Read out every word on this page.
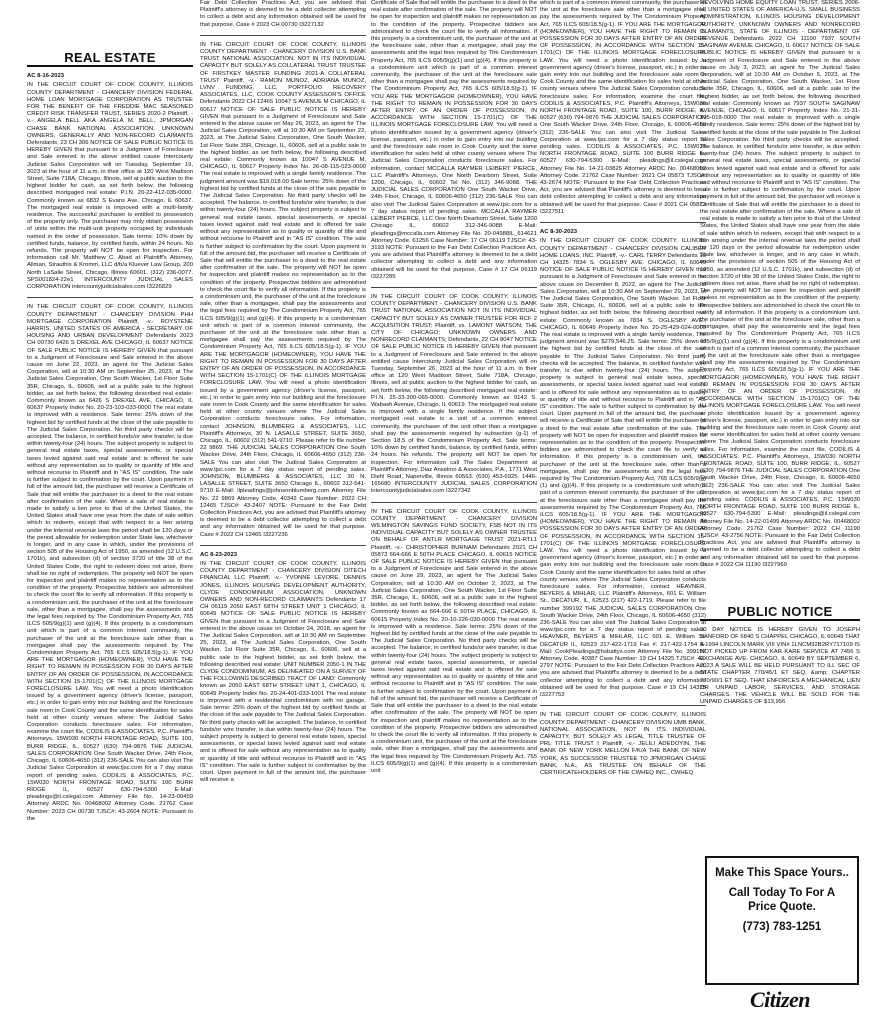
REAL ESTATE
AC 8-16-2023
IN THE CIRCUIT COURT OF COOK COUNTY, ILLINOIS COUNTY DEPARTMENT - CHANCERY DIVISION FEDERAL HOME LOAN MORTGAGE CORPORATION AS TRUSTEE FOR THE BENEFIT OF THE FREDDIE MAC SEASONED CREDIT RISK TRANSFER TRUST, SERIES 2020-2 Plaintiff, -v.- ANGELA BELL AKA ANGELA M. BELL, JPMORGAN CHASE BANK NATIONAL ASSOCIATION, UNKNOWN OWNERS, GENERALLY AND NON-RECORD CLAIMANTS Defendants, 23 CH 306 NOTICE OF SALE PUBLIC NOTICE IS HEREBY GIVEN that pursuant to a Judgment of Foreclosure and Sale entered in the above entitled cause Intercounty Judicial Sales Corporation will on Tuesday, September 19, 2023 at the hour of 11 a.m. in their office at 120 West Madison Street, Suite 718A, Chicago, Illinois, sell at public auction to the highest bidder for cash, as set forth below, the following described mortgaged real estate: P.I.N. 20-22-412-035-0000. Commonly known as 6832 S Evans Ave, Chicago, IL 60637. The mortgaged real estate is improved with a multi-family residence. The successful purchaser is entitled to possession of the property only. The purchaser may only obtain possession of units within the multi-unit property occupied by individuals named in the order of possession. Sale terms: 10% down by certified funds, balance, by certified funds, within 24 hours. No refunds. The property will NOT be open for inspection. For information call Mr. Matthew C. Abad at Plaintiff's Attorney, Allman, Strauthis & Kromm, LLC d/b/a Kluever Law Group, 200 North LaSalle Street, Chicago, Illinois 60601. (312) 236-0077. SPS001824-22e1 INTERCOUNTY JUDICIAL SALES CORPORATION intercountyjudicialsales.com I3226829
IN THE CIRCUIT COURT OF COOK COUNTY, ILLINOIS COUNTY DEPARTMENT - CHANCERY DIVISION PHH MORTGAGE CORPORATION Plaintiff, -v.- ROYSTENE HARRIS, UNITED STATES OF AMERICA - SECRETARY OF HOUSING AND URBAN DEVELOPMENT Defendants 2023 CH 00730 6426 S DREXEL AVE CHICAGO, IL 60637 NOTICE OF SALE PUBLIC NOTICE IS HEREBY GIVEN that pursuant to a Judgment of Foreclosure and Sale entered in the above cause on June 22, 2023, an agent for The Judicial Sales Corporation, will at 10:30 AM on September 25, 2023, at The Judicial Sales Corporation, One South Wacker, 1st Floor Suite 35R, Chicago, IL, 60606, sell at a public sale to the highest bidder, as set forth below, the following described real estate: Commonly known as 6426 S DREXEL AVE, CHICAGO, IL 60637 Property Index No. 20-23-103-033-0000 The real estate is improved with a residence. Sale terms: 25% down of the highest bid by certified funds at the close of the sale payable to The Judicial Sales Corporation. No third party checks will be accepted. The balance, in certified funds/or wire transfer, is due within twenty-four (24) hours. The subject property is subject to general real estate taxes, special assessments, or special taxes levied against said real estate and is offered for sale without any representation as to quality or quantity of title and without recourse to Plaintiff and in "AS IS" condition. The sale is further subject to confirmation by the court. Upon payment in full of the amount bid, the purchaser will receive a Certificate of Sale that will entitle the purchaser to a deed to the real estate after confirmation of the sale. Where a sale of real estate is made to satisfy a lien prior to that of the United States, the United States shall have one year from the date of sale within which to redeem, except that with respect to a lien arising under the internal revenue laws the period shall be 120 days or the period allowable for redemption under State law, whichever is longer, and in any case in which, under the provisions of section 505 of the Housing Act of 1950, as amended (12 U.S.C. 1701k), and subsection (d) of section 3720 of title 38 of the United States Code, the right to redeem does not arise, there shall be no right of redemption. The property will NOT be open for inspection and plaintiff makes no representation as to the condition of the property. Prospective bidders are admonished to check the court file to verify all information. If this property is a condominium unit, the purchaser of the unit at the foreclosure sale, other than a mortgagee, shall pay the assessments and the legal fees required by The Condominium Property Act, 765 ILCS 605/9(g)(1) and (g)(4). If this property is a condominium unit which is part of a common interest community, the purchaser of the unit at the foreclosure sale other than a mortgagee shall pay the assessments required by The Condominium Property Act, 765 ILCS 605/18.5(g-1). IF YOU ARE THE MORTGAGOR (HOMEOWNER), YOU HAVE THE RIGHT TO REMAIN IN POSSESSION FOR 30 DAYS AFTER ENTRY OF AN ORDER OF POSSESSION, IN ACCORDANCE WITH SECTION 15-1701(C) OF THE ILLINOIS MORTGAGE FORECLOSURE LAW. You will need a photo identification issued by a government agency (driver's license, passport, etc.) in order to gain entry into our building and the foreclosure sale room in Cook County and the same identification for sales held at other county venues where The Judicial Sales Corporation conducts foreclosure sales. For information, examine the court file, CODILIS & ASSOCIATES, P.C. Plaintiff's Attorneys, 15W030 NORTH FRONTAGE ROAD, SUITE 100, BURR RIDGE, IL, 60527 (630) 794-9876 THE JUDICIAL SALES CORPORATION One South Wacker Drive, 24th Floor, Chicago, IL 60606-4650 (312) 236-SALE You can also visit The Judicial Sales Corporation at www.tjsc.com for a 7 day status report of pending sales. CODILIS & ASSOCIATES, P.C. 15W030 NORTH FRONTAGE ROAD, SUITE 100 BURR RIDGE IL, 60527 630-794-5300 E-Mail: pleadings@il.cslegal.com Attorney File No. 14-23-00459 Attorney ARDC No. 00468002 Attorney Code. 21762 Case Number: 2023 CH 00730 TJSC#: 43-2604 NOTE: Pursuant to the
Fair Debt Collection Practices Act, you are advised that Plaintiff's attorney is deemed to be a debt collector attempting to collect a debt and any information obtained will be used for that purpose. Case # 2023 CH 00730 I3227132
IN THE CIRCUIT COURT OF COOK COUNTY, ILLINOIS COUNTY DEPARTMENT - CHANCERY DIVISION U.S. BANK TRUST NATIONAL ASSOCIATION, NOT IN ITS INDIVIDUAL CAPACITY BUT SOLELY AS COLLATERAL TRUST TRUSTEE OF FIRSTKEY MASTER FUNDING 2021-A COLLATERAL TRUST Plaintiff, -v.- RAMON MUNOZ, ADRIANA MUNOZ, LVNV FUNDING, LLC, PORTFOLIO RECOVERY ASSOCIATES, LLC, COOK COUNTY ASSESSOR'S OFFICE Defendants 2022 CH 12465 10047 S AVENUE M CHICAGO, IL 60617 NOTICE OF SALE PUBLIC NOTICE IS HEREBY GIVEN that pursuant to a Judgment of Foreclosure and Sale entered in the above cause on May 26, 2023, an agent for The Judicial Sales Corporation, will at 10:30 AM on September 22, 2023, at The Judicial Sales Corporation, One South Wacker, 1st Floor Suite 35R, Chicago, IL, 60606, sell at a public sale to the highest bidder, as set forth below, the following described real estate: Commonly known as 10047 S AVENUE M, CHICAGO, IL 60617 Property Index No. 26-08-115-023-0000 The real estate is improved with a single family residence. The judgment amount was $19,018.00 Sale terms: 25% down of the highest bid by certified funds at the close of the sale payable to The Judicial Sales Corporation. No third party checks will be accepted. The balance, in certified funds/or wire transfer, is due within twenty-four (24) hours. The subject property is subject to general real estate taxes, special assessments, or special taxes levied against said real estate and is offered for sale without any representation as to quality or quantity of title and without recourse to Plaintiff and in "AS IS" condition. The sale is further subject to confirmation by the court. Upon payment in full of the amount bid, the purchaser will receive a Certificate of Sale that will entitle the purchaser to a deed to the real estate after confirmation of the sale. The property will NOT be open for inspection and plaintiff makes no representation as to the condition of the property. Prospective bidders are admonished to check the court file to verify all information. If this property is a condominium unit, the purchaser of the unit at the foreclosure sale, other than a mortgagee, shall pay the assessments and the legal fees required by The Condominium Property Act, 765 ILCS 605/9(g)(1) and (g)(4). If this property is a condominium unit which is part of a common interest community, the purchaser of the unit at the foreclosure sale other than a mortgagee shall pay the assessments required by The Condominium Property Act, 765 ILCS 605/18.5(g-1). IF YOU ARE THE MORTGAGOR (HOMEOWNER), YOU HAVE THE RIGHT TO REMAIN IN POSSESSION FOR 30 DAYS AFTER ENTRY OF AN ORDER OF POSSESSION, IN ACCORDANCE WITH SECTION 15-1701(C) OF THE ILLINOIS MORTGAGE FORECLOSURE LAW. You will need a photo identification issued by a government agency (driver's license, passport, etc.) in order to gain entry into our building and the foreclosure sale room in Cook County and the same identification for sales held at other county venues where The Judicial Sales Corporation conducts foreclosure sales. For information, contact JOHNSON, BLUMBERG & ASSOCIATES, LLC Plaintiff's Attorneys, 30 N. LASALLE STREET, SUITE 3650, Chicago, IL, 60602 (312) 541-9710. Please refer to file number 22 9869. THE JUDICIAL SALES CORPORATION One South Wacker Drive, 24th Floor, Chicago, IL 60606-4650 (312) 236-SALE You can also visit The Judicial Sales Corporation at www.tjsc.com for a 7 day status report of pending sales. JOHNSON, BLUMBERG & ASSOCIATES, LLC 30 N. LASALLE STREET, SUITE 3650 Chicago IL, 60602 312-541-9710 E-Mail: ilpleadings@johnsonblumberg.com Attorney File No. 22 9869 Attorney Code. 40342 Case Number: 2022 CH 12465 TJSC#: 43-2407 NOTE: Pursuant to the Fair Debt Collection Practices Act, you are advised that Plaintiff's attorney is deemed to be a debt collector attempting to collect a debt and any information obtained will be used for that purpose. Case # 2022 CH 12465 I3227236
AC 8-23-2023
IN THE CIRCUIT COURT OF COOK COUNTY, ILLINOIS COUNTY DEPARTMENT - CHANCERY DIVISION DITECH FINANCIAL LLC Plaintiff, -v.- YVONNE LEVORE, DENNIS JONES, ILLINOIS HOUSING DEVELOPMENT AUTHORITY, CLYDE CONDOMINIUM ASSOCIATION, UNKNOWN OWNERS AND NON-RECORD CLAIMANTS Defendants 17 CH 06119 2050 EAST 68TH STREET UNIT 1 CHICAGO, IL 60649 NOTICE OF SALE PUBLIC NOTICE IS HEREBY GIVEN that pursuant to a Judgment of Foreclosure and Sale entered in the above cause on October 24, 2018, an agent for The Judicial Sales Corporation, will at 10:30 AM on September 25, 2023, at The Judicial Sales Corporation, One South Wacker, 1st Floor Suite 35R, Chicago, IL, 60606, sell at a public sale to the highest bidder, as set forth below, the following described real estate: UNIT NUMBER 2050-1 IN THE CLYDE CONDOMINIUM, AS DELINEATED ON A SURVEY OF THE FOLLOWING DESCRIBED TRACT OF LAND: Commonly known as 2050 EAST 68TH STREET UNIT 1, CHICAGO, IL 60649 Property Index No. 20-24-401-033-1001 The real estate is improved with a residential condominium with no garage. Sale terms: 25% down of the highest bid by certified funds at the close of the sale payable to The Judicial Sales Corporation. No third party checks will be accepted. The balance, in certified funds/or wire transfer, is due within twenty-four (24) hours. The subject property is subject to general real estate taxes, special assessments, or special taxes levied against said real estate and is offered for sale without any representation as to quality or quantity of title and without recourse to Plaintiff and in "AS IS" condition. The sale is further subject to confirmation by the court. Upon payment in full of the amount bid, the purchaser will receive a
Certificate of Sale that will entitle the purchaser to a deed to the real estate after confirmation of the sale. The property will NOT be open for inspection and plaintiff makes no representation as to the condition of the property. Prospective bidders are admonished to check the court file to verify all information. If this property is a condominium unit, the purchaser of the unit at the foreclosure sale, other than a mortgagee, shall pay the assessments and the legal fees required by The Condominium Property Act, 765 ILCS 605/9(g)(1) and (g)(4). If this property is a condominium unit which is part of a common interest community, the purchaser of the unit at the foreclosure sale other than a mortgagee shall pay the assessments required by The Condominium Property Act, 765 ILCS 605/18.5(g-1). IF YOU ARE THE MORTGAGOR (HOMEOWNER), YOU HAVE THE RIGHT TO REMAIN IN POSSESSION FOR 30 DAYS AFTER ENTRY OF AN ORDER OF POSSESSION, IN ACCORDANCE WITH SECTION 15-1701(C) OF THE ILLINOIS MORTGAGE FORECLOSURE LAW. You will need a photo identification issued by a government agency (driver's license, passport, etc.) in order to gain entry into our building and the foreclosure sale room in Cook County and the same identification for sales held at other county venues where The Judicial Sales Corporation conducts foreclosure sales. For information, contact MCCALLA RAYMER LEIBERT PIERCE, LLC Plaintiff's Attorneys, One North Dearborn Street, Suite 1200, Chicago, IL, 60602 Tel No. (312) 346-9088. THE JUDICIAL SALES CORPORATION One South Wacker Drive, 24th Floor, Chicago, IL 60606-4650 (312) 236-SALE You can also visit The Judicial Sales Corporation at www.tjsc.com for a 7 day status report of pending sales. MCCALLA RAYMER LEIBERT PIERCE, LLC One North Dearborn Street, Suite 1200 Chicago IL, 60602 312-346-9088 E-Mail: pleadings@mccalla.com Attorney File No. 20-04988IL_614621 Attorney Code. 61256 Case Number: 17 CH 06119 TJSC#: 43-3193 NOTE: Pursuant to the Fair Debt Collection Practices Act, you are advised that Plaintiff's attorney is deemed to be a debt collector attempting to collect a debt and any information obtained will be used for that purpose. Case # 17 CH 06119 I3227285
IN THE CIRCUIT COURT OF COOK COUNTY, ILLINOIS COUNTY DEPARTMENT - CHANCERY DIVISION U.S. BANK TRUST NATIONAL ASSOCIATION NOT IN ITS INDIVIDUAL CAPACITY BUT SOLELY AS OWNER TRUSTEE FOR RCF 2 ACQUISITION TRUST; Plaintiff, vs. LAMONT WATSON; THE CITY OF CHICAGO; UNKNOWN OWNERS AND NONRECORD CLAIMANTS; Defendants, 22 CH 8047 NOTICE OF SALE PUBLIC NOTICE IS HEREBY GIVEN that pursuant to a Judgment of Foreclosure and Sale entered in the above entitled cause Intercounty Judicial Sales Corporation will on Tuesday, September 26, 2023 at the hour of 11 a.m. in their office at 120 West Madison Street, Suite 718A, Chicago, Illinois, sell at public auction to the highest bidder for cash, as set forth below, the following described mortgaged real estate: P.I.N. 25-33-300-065-0000. Commonly known as 9142 S. Wabash Avenue, Chicago, IL 60619. The mortgaged real estate is improved with a single family residence. If the subject mortgaged real estate is a unit of a common interest community, the purchaser of the unit other than a mortgagee shall pay the assessments required by subsection (g-1) of Section 18.5 of the Condominium Property Act. Sale terms: 10% down by certified funds, balance, by certified funds, within 24 hours. No refunds. The property will NOT be open for inspection. For information call The Sales Department at Plaintiff's Attorney, Diaz Anselmo & Associates, P.A., 1771 West Diehl Road, Naperville, Illinois 60563. (630) 453-6925. 1446-165680 INTERCOUNTY JUDICIAL SALES CORPORATION intercountyjudicialsales.com I3227342
IN THE CIRCUIT COURT OF COOK COUNTY, ILLINOIS COUNTY DEPARTMENT - CHANCERY DIVISION WILMINGTON SAVINGS FUND SOCIETY, FSB NOT IN ITS INDIVIDUAL CAPACITY BUT SOLELY AS OWNER TRUSTEE ON BEHALF OF ANTLR MORTGAGE TRUST 2021-RTL1 Plaintiff, -v.- CHRISTOPHER BURNAM Defendants 2021 CH 05873 664-666 E 50TH PLACE CHICAGO, IL 60615 NOTICE OF SALE PUBLIC NOTICE IS HEREBY GIVEN that pursuant to a Judgment of Foreclosure and Sale entered in the above cause on June 29, 2023, an agent for The Judicial Sales Corporation, will at 10:30 AM on October 2, 2023, at The Judicial Sales Corporation, One South Wacker, 1st Floor Suite 35R, Chicago, IL, 60606, sell at a public sale to the highest bidder, as set forth below, the following described real estate: Commonly known as 664-666 E 50TH PLACE, CHICAGO, IL 60615 Property Index No. 20-10-226-030-0000 The real estate is improved with a residence. Sale terms: 25% down of the highest bid by certified funds at the close of the sale payable to The Judicial Sales Corporation. No third party checks will be accepted. The balance, in certified funds/or wire transfer, is due within twenty-four (24) hours. The subject property is subject to general real estate taxes, special assessments, or special taxes levied against said real estate and is offered for sale without any representation as to quality or quantity of title and without recourse to Plaintiff and in "AS IS" condition. The sale is further subject to confirmation by the court. Upon payment in full of the amount bid, the purchaser will receive a Certificate of Sale that will entitle the purchaser to a deed to the real estate after confirmation of the sale. The property will NOT be open for inspection and plaintiff makes no representation as to the condition of the property. Prospective bidders are admonished to check the court file to verify all information. If this property is a condominium unit, the purchaser of the unit at the foreclosure sale, other than a mortgagee, shall pay the assessments and the legal fees required by The Condominium Property Act, 765 ILCS 605/9(g)(1) and (g)(4). If this property is a condominium unit
which is part of a common interest community, the purchaser of the unit at the foreclosure sale other than a mortgagee shall pay the assessments required by The Condominium Property Act, 765 ILCS 605/18.5(g-1). IF YOU ARE THE MORTGAGOR (HOMEOWNER), YOU HAVE THE RIGHT TO REMAIN IN POSSESSION FOR 30 DAYS AFTER ENTRY OF AN ORDER OF POSSESSION, IN ACCORDANCE WITH SECTION 15-1701(C) OF THE ILLINOIS MORTGAGE FORECLOSURE LAW. You will need a photo identification issued by a government agency (driver's license, passport, etc.) in order to gain entry into our building and the foreclosure sale room in Cook County and the same identification for sales held at other county venues where The Judicial Sales Corporation conducts foreclosure sales. For information, examine the court file, CODILIS & ASSOCIATES, P.C. Plaintiff's Attorneys, 15W030 NORTH FRONTAGE ROAD, SUITE 100, BURR RIDGE, IL, 60527 (630) 794-9876 THE JUDICIAL SALES CORPORATION One South Wacker Drive, 24th Floor, Chicago, IL 60606-4650 (312) 236-SALE You can also visit The Judicial Sales Corporation at www.tjsc.com for a 7 day status report of pending sales. CODILIS & ASSOCIATES, P.C. 15W030 NORTH FRONTAGE ROAD, SUITE 100 BURR RIDGE IL, 60527 630-794-5300 E-Mail: pleadings@il.cslegal.com Attorney File No. 14-21-03825 Attorney ARDC No. 00468002 Attorney Code. 21762 Case Number: 2021 CH 05873 TJSC#: 43-2674 NOTE: Pursuant to the Fair Debt Collection Practices Act, you are advised that Plaintiff's attorney is deemed to be a debt collector attempting to collect a debt and any information obtained will be used for that purpose. Case # 2021 CH 05873 I3227511
AC 8-30-2023
IN THE CIRCUIT COURT OF COOK COUNTY, ILLINOIS COUNTY DEPARTMENT - CHANCERY DIVISION CALIBER HOME LOANS, INC. Plaintiff, -v.- CARL TERRY Defendants 19 CH 14325 7834 S. OGLESBY AVE. CHICAGO, IL 60649 NOTICE OF SALE PUBLIC NOTICE IS HEREBY GIVEN that pursuant to a Judgment of Foreclosure and Sale entered in the above cause on December 8, 2022, an agent for The Judicial Sales Corporation, will at 10:30 AM on September 29, 2023, at The Judicial Sales Corporation, One South Wacker, 1st Floor Suite 35R, Chicago, IL, 60606, sell at a public sale to the highest bidder, as set forth below, the following described real estate: Commonly known as 7834 S. OGLESBY AVE., CHICAGO, IL 60649 Property Index No. 20-25-429-024-0000 The real estate is improved with a single family residence. The judgment amount was $279,546.25. Sale terms: 25% down of the highest bid by certified funds at the close of the sale payable to The Judicial Sales Corporation. No third party checks will be accepted. The balance, in certified funds/or wire transfer, is due within twenty-four (24) hours. The subject property is subject to general real estate taxes, special assessments, or special taxes levied against said real estate and is offered for sale without any representation as to quality or quantity of title and without recourse to Plaintiff and in "AS IS" condition. The sale is further subject to confirmation by the court. Upon payment in full of the amount bid, the purchaser will receive a Certificate of Sale that will entitle the purchaser to a deed to the real estate after confirmation of the sale. The property will NOT be open for inspection and plaintiff makes no representation as to the condition of the property. Prospective bidders are admonished to check the court file to verify all information. If this property is a condominium unit, the purchaser of the unit at the foreclosure sale, other than a mortgagee, shall pay the assessments and the legal fees required by The Condominium Property Act, 765 ILCS 605/9(g)(1) and (g)(4). If this property is a condominium unit which is part of a common interest community, the purchaser of the unit at the foreclosure sale other than a mortgagee shall pay the assessments required by The Condominium Property Act, 765 ILCS 605/18.5(g-1). IF YOU ARE THE MORTGAGOR (HOMEOWNER), YOU HAVE THE RIGHT TO REMAIN IN POSSESSION FOR 30 DAYS AFTER ENTRY OF AN ORDER OF POSSESSION, IN ACCORDANCE WITH SECTION 15-1701(C) OF THE ILLINOIS MORTGAGE FORECLOSURE LAW. You will need a photo identification issued by a government agency (driver's license, passport, etc.) in order to gain entry into our building and the foreclosure sale room in Cook County and the same identification for sales held at other county venues where The Judicial Sales Corporation conducts foreclosure sales. For information, contact HEAVNER, BEYERS & MIHLAR, LLC Plaintiff's Attorneys, 601 E. William St., DECATUR, IL, 62523 (217) 422-1719. Please refer to file number 399192 THE JUDICIAL SALES CORPORATION One South Wacker Drive, 24th Floor, Chicago, IL 60606-4650 (312) 236-SALE You can also visit The Judicial Sales Corporation at www.tjsc.com for a 7 day status report of pending sales. HEAVNER, BEYERS & MIHLAR, LLC 601 E. William St. DECATUR IL, 62523 217-422-1719 Fax #: 217-422-1754 E-Mail: CookPleadings@hsbattys.com Attorney File No. 399192 Attorney Code. 40387 Case Number: 19 CH 14325 TJSC#: 43-2797 NOTE: Pursuant to the Fair Debt Collection Practices Act, you are advised that Plaintiff's attorney is deemed to be a debt collector attempting to collect a debt and any information obtained will be used for that purpose. Case # 19 CH 14325 I3227753
IN THE CIRCUIT COURT OF COOK COUNTY, ILLINOIS COUNTY DEPARTMENT - CHANCERY DIVISION UMB BANK, NATIONAL ASSOCIATION, NOT IN ITS INDIVIDUAL CAPACITY, BUT SOLELY AS LEGAL TITLE TRUSTEE OF PRL TITLE TRUST I Plaintiff, -v.- JELILI ADEDOYIN, THE BANK OF NEW YORK MELLON F/K/A THE BANK OF NEW YORK, AS SUCCESSOR TRUSTEE TO JPMORGAN CHASE BANK, N.A., AS TRUSTEE ON BEHALF OF THE CERTIFICATEHOLDERS OF THE CWHEQ INC., CWHEQ
REVOLVING HOME EQUITY LOAN TRUST, SERIES 2006-H, UNITED STATES OF AMERICA-U.S. SMALL BUSINESS ADMINISTRATION, ILLINOIS HOUSING DEVELOPMENT AUTHORITY, UNKNOWN OWNERS AND NONRECORD CLAIMANTS, STATE OF ILLINOIS - DEPARTMENT OF REVENUE Defendants 2022 CH 11190 7937 SOUTH SAGINAW AVENUE CHICAGO, IL 60617 NOTICE OF SALE PUBLIC NOTICE IS HEREBY GIVEN that pursuant to a Judgment of Foreclosure and Sale entered in the above cause on July 3, 2023, an agent for The Judicial Sales Corporation, will at 10:30 AM on October 5, 2023, at The Judicial Sales Corporation, One South Wacker, 1st Floor Suite 35R, Chicago, IL, 60606, sell at a public sale to the highest bidder, as set forth below, the following described real estate: Commonly known as 7937 SOUTH SAGINAW AVENUE, CHICAGO, IL 60617 Property Index No. 21-31-105-018-0000 The real estate is improved with a single family residence. Sale terms: 25% down of the highest bid by certified funds at the close of the sale payable to The Judicial Sales Corporation. No third party checks will be accepted. The balance, in certified funds/or wire transfer, is due within twenty-four (24) hours. The subject property is subject to general real estate taxes, special assessments, or special taxes levied against said real estate and is offered for sale without any representation as to quality or quantity of title and without recourse to Plaintiff and in "AS IS" condition. The sale is further subject to confirmation by the court. Upon payment in full of the amount bid, the purchaser will receive a Certificate of Sale that will entitle the purchaser to a deed to the real estate after confirmation of the sale. Where a sale of real estate is made to satisfy a lien prior to that of the United States, the United States shall have one year from the date of sale within which to redeem, except that with respect to a lien arising under the internal revenue laws the period shall be 120 days or the period allowable for redemption under State law, whichever is longer, and in any case in which, under the provisions of section 505 of the Housing Act of 1950, as amended (12 U.S.C. 1701k), and subsection (d) of section 3720 of title 38 of the United States Code, the right to redeem does not arise, there shall be no right of redemption. The property will NOT be open for inspection and plaintiff makes no representation as to the condition of the property. Prospective bidders are admonished to check the court file to verify all information. If this property is a condominium unit, the purchaser of the unit at the foreclosure sale, other than a mortgagee, shall pay the assessments and the legal fees required by The Condominium Property Act, 765 ILCS 605/9(g)(1) and (g)(4). If this property is a condominium unit which is part of a common interest community, the purchaser of the unit at the foreclosure sale other than a mortgagee shall pay the assessments required by The Condominium Property Act, 765 ILCS 605/18.5(g-1). IF YOU ARE THE MORTGAGOR (HOMEOWNER), YOU HAVE THE RIGHT TO REMAIN IN POSSESSION FOR 30 DAYS AFTER ENTRY OF AN ORDER OF POSSESSION, IN ACCORDANCE WITH SECTION 15-1701(C) OF THE ILLINOIS MORTGAGE FORECLOSURE LAW. You will need a photo identification issued by a government agency (driver's license, passport, etc.) in order to gain entry into our building and the foreclosure sale room in Cook County and the same identification for sales held at other county venues where The Judicial Sales Corporation conducts foreclosure sales. For information, examine the court file, CODILIS & ASSOCIATES, P.C. Plaintiff's Attorneys, 15W030 NORTH FRONTAGE ROAD, SUITE 100, BURR RIDGE, IL, 60527 (630) 794-9876 THE JUDICIAL SALES CORPORATION One South Wacker Drive, 24th Floor, Chicago, IL 60606-4650 (312) 236-SALE You can also visit The Judicial Sales Corporation at www.tjsc.com for a 7 day status report of pending sales. CODILIS & ASSOCIATES, P.C. 15W030 NORTH FRONTAGE ROAD, SUITE 100 BURR RIDGE IL, 60527 630-794-5300 E-Mail: pleadings@il.cslegal.com Attorney File No. 14-22-01499 Attorney ARDC No. 00468002 Attorney Code. 21762 Case Number: 2022 CH 11190 TJSC#: 43-2756 NOTE: Pursuant to the Fair Debt Collection Practices Act, you are advised that Plaintiff's attorney is deemed to be a debt collector attempting to collect a debt and any information obtained will be used for that purpose. Case # 2022 CH 11190 I3227969
PUBLIC NOTICE
30 DAY NOTICE IS HEREBY GIVEN TO JOSEPH SANFORD OF 6840 S CHAPPEL CHICAGO, IL 60649 THAT A 1994 LINCOLN MARK VIII VIN# 1LNCM92B2RY717109 IS NOT PICKED UP FROM KAR KARE SERVICE AT 7456 S EXCHANGE AVE. CHICAGO, IL 60649 BY SEPTEMBER 6, 2023 A SALE WILL BE HELD PURSUANT TO ILL SEC OF STATE CHAPTER 770/45/1 ET SEQ. &amp; CHAPTER 770/90/1 ET SEQ. THAT ENFORCES A MECHANICAL LIEN OR UNPAID LABOR, SERVICES, AND STORAGE CHARGES. THE VEHICLE WILL BE SOLD FOR THE UNPAID CHARGES OF $13,956
Make This Space Yours..
Call Today To For A
Price Quote.
(773) 783-1251
Citizen
